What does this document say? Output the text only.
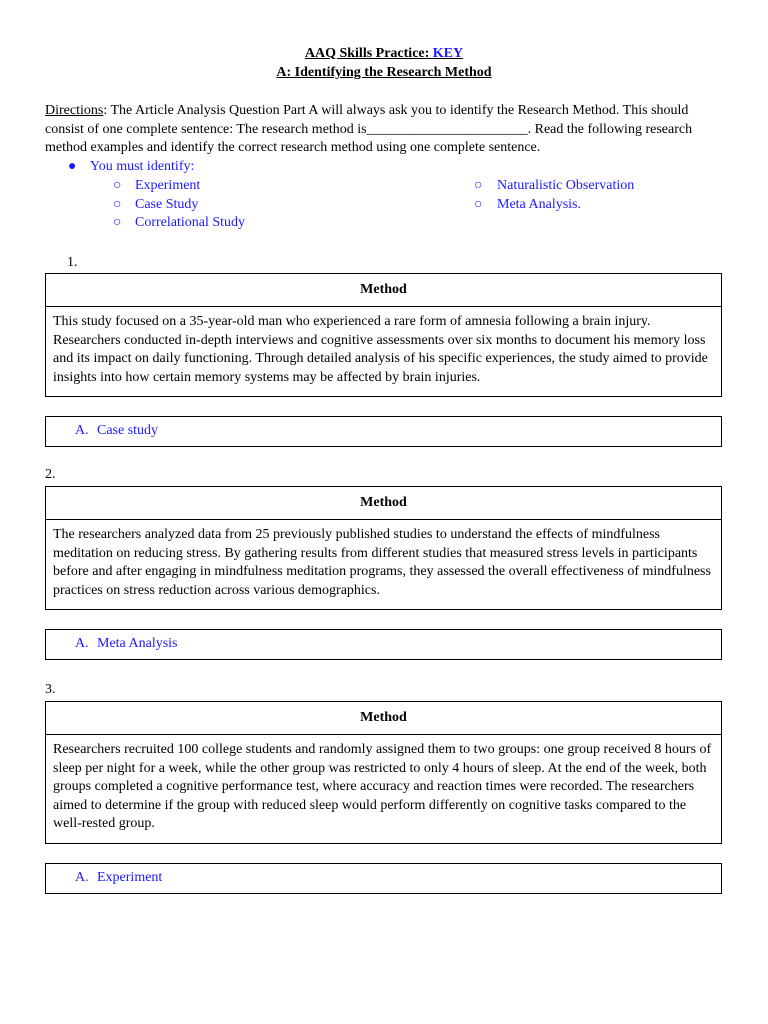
AAQ Skills Practice: KEY
A: Identifying the Research Method
Directions: The Article Analysis Question Part A will always ask you to identify the Research Method. This should consist of one complete sentence: The research method is_______________________. Read the following research method examples and identify the correct research method using one complete sentence.
● You must identify:
○ Experiment
○ Case Study
○ Correlational Study
○ Naturalistic Observation
○ Meta Analysis.
1.
Method
This study focused on a 35-year-old man who experienced a rare form of amnesia following a brain injury. Researchers conducted in-depth interviews and cognitive assessments over six months to document his memory loss and its impact on daily functioning. Through detailed analysis of his specific experiences, the study aimed to provide insights into how certain memory systems may be affected by brain injuries.
A. Case study
2.
Method
The researchers analyzed data from 25 previously published studies to understand the effects of mindfulness meditation on reducing stress. By gathering results from different studies that measured stress levels in participants before and after engaging in mindfulness meditation programs, they assessed the overall effectiveness of mindfulness practices on stress reduction across various demographics.
A. Meta Analysis
3.
Method
Researchers recruited 100 college students and randomly assigned them to two groups: one group received 8 hours of sleep per night for a week, while the other group was restricted to only 4 hours of sleep. At the end of the week, both groups completed a cognitive performance test, where accuracy and reaction times were recorded. The researchers aimed to determine if the group with reduced sleep would perform differently on cognitive tasks compared to the well-rested group.
A. Experiment
